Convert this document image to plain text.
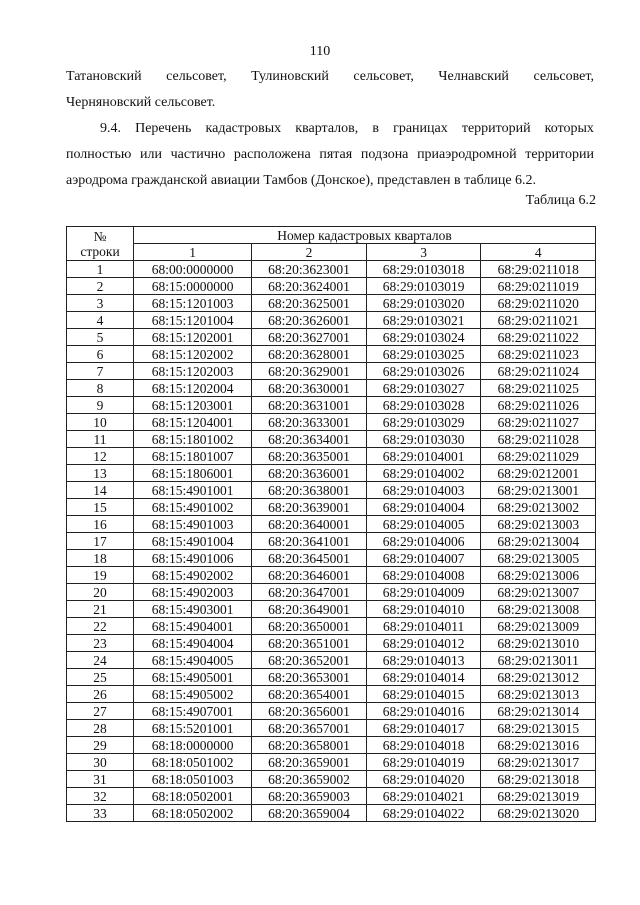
110
Татановский сельсовет, Тулиновский сельсовет, Челнавский сельсовет,
Черняновский сельсовет.
9.4. Перечень кадастровых кварталов, в границах территорий которых
полностью или частично расположена пятая подзона приаэродромной территории
аэродрома гражданской авиации Тамбов (Донское), представлен в таблице 6.2.
Таблица 6.2
№
строки	Номер кадастровых кварталов			
	1	2	3	4
1	68:00:0000000	68:20:3623001	68:29:0103018	68:29:0211018
2	68:15:0000000	68:20:3624001	68:29:0103019	68:29:0211019
3	68:15:1201003	68:20:3625001	68:29:0103020	68:29:0211020
4	68:15:1201004	68:20:3626001	68:29:0103021	68:29:0211021
5	68:15:1202001	68:20:3627001	68:29:0103024	68:29:0211022
6	68:15:1202002	68:20:3628001	68:29:0103025	68:29:0211023
7	68:15:1202003	68:20:3629001	68:29:0103026	68:29:0211024
8	68:15:1202004	68:20:3630001	68:29:0103027	68:29:0211025
9	68:15:1203001	68:20:3631001	68:29:0103028	68:29:0211026
10	68:15:1204001	68:20:3633001	68:29:0103029	68:29:0211027
11	68:15:1801002	68:20:3634001	68:29:0103030	68:29:0211028
12	68:15:1801007	68:20:3635001	68:29:0104001	68:29:0211029
13	68:15:1806001	68:20:3636001	68:29:0104002	68:29:0212001
14	68:15:4901001	68:20:3638001	68:29:0104003	68:29:0213001
15	68:15:4901002	68:20:3639001	68:29:0104004	68:29:0213002
16	68:15:4901003	68:20:3640001	68:29:0104005	68:29:0213003
17	68:15:4901004	68:20:3641001	68:29:0104006	68:29:0213004
18	68:15:4901006	68:20:3645001	68:29:0104007	68:29:0213005
19	68:15:4902002	68:20:3646001	68:29:0104008	68:29:0213006
20	68:15:4902003	68:20:3647001	68:29:0104009	68:29:0213007
21	68:15:4903001	68:20:3649001	68:29:0104010	68:29:0213008
22	68:15:4904001	68:20:3650001	68:29:0104011	68:29:0213009
23	68:15:4904004	68:20:3651001	68:29:0104012	68:29:0213010
24	68:15:4904005	68:20:3652001	68:29:0104013	68:29:0213011
25	68:15:4905001	68:20:3653001	68:29:0104014	68:29:0213012
26	68:15:4905002	68:20:3654001	68:29:0104015	68:29:0213013
27	68:15:4907001	68:20:3656001	68:29:0104016	68:29:0213014
28	68:15:5201001	68:20:3657001	68:29:0104017	68:29:0213015
29	68:18:0000000	68:20:3658001	68:29:0104018	68:29:0213016
30	68:18:0501002	68:20:3659001	68:29:0104019	68:29:0213017
31	68:18:0501003	68:20:3659002	68:29:0104020	68:29:0213018
32	68:18:0502001	68:20:3659003	68:29:0104021	68:29:0213019
33	68:18:0502002	68:20:3659004	68:29:0104022	68:29:0213020
